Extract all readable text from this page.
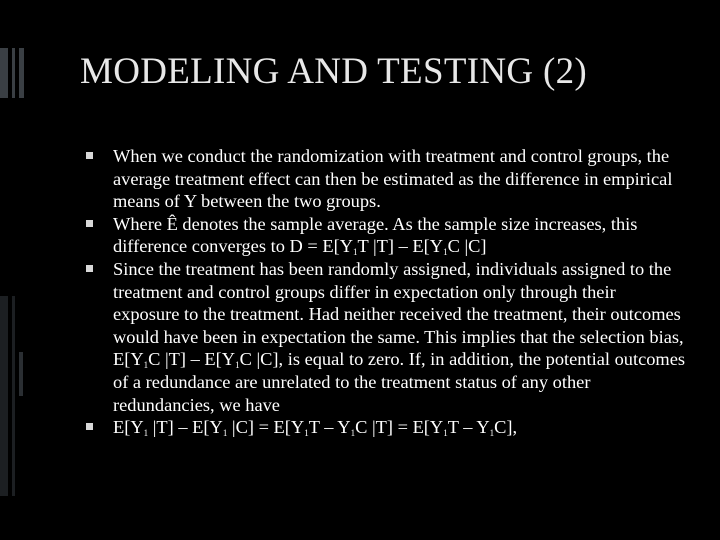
MODELING AND TESTING (2)
When we conduct the randomization with treatment and control groups, the average treatment effect can then be estimated as the difference in empirical means of Y between the two groups.
Where Ê denotes the sample average. As the sample size increases, this difference converges to $D = E[Y_1T$ $|T] - E[Y_1C$ |C]
Since the treatment has been randomly assigned, individuals assigned to the treatment and control groups differ in expectation only through their exposure to the treatment. Had neither received the treatment, their outcomes would have been in expectation the same. This implies that the selection bias, $E[Y_1C$ $|T] - E[Y_1C$ |C], is equal to zero. If, in addition, the potential outcomes of a redundance are unrelated to the treatment status of any other redundancies, we have
$E[Y_1$ $|T] - E[Y_1$ $|C] = E[Y_1T - Y_1C$ $|T] = E[Y_1T - Y_1C]$,
